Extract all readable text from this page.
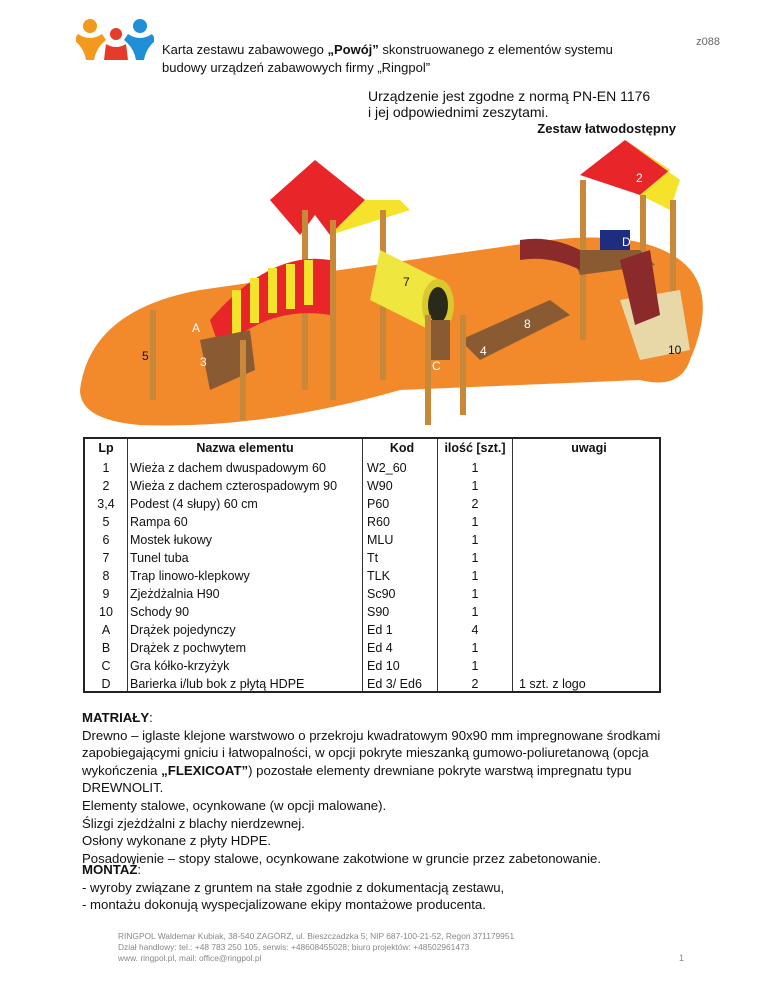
z088
Karta zestawu zabawowego „Powój” skonstruowanego z elementów systemu
budowy urządzeń zabawowych firmy „Ringpol”
Urządzenie jest zgodne z normą PN-EN 1176
i jej odpowiednimi zeszytami.
Zestaw łatwodostępny
1	2
3
4
5
6
7
8
9
10
A
B
C
D
Lp	Nazwa elementu	Kod	ilość [szt.]	uwagi
1	Wieża z dachem dwuspadowym 60	W2_60	1	
2	Wieża z dachem czterospadowym 90	W90	1	
3,4	Podest (4 słupy) 60 cm	P60	2	
5	Rampa 60	R60	1	
6	Mostek łukowy	MLU	1	
7	Tunel tuba	Tt	1	
8	Trap linowo-klepkowy	TLK	1	
9	Zjeżdżalnia H90	Sc90	1	
10	Schody 90	S90	1	
A	Drążek pojedynczy	Ed 1	4	
B	Drążek z pochwytem	Ed 4	1	
C	Gra kółko-krzyżyk	Ed 10	1	
D	Barierka i/lub bok z płytą HDPE	Ed 3/ Ed6	2	1 szt. z logo

MATRIAŁY:

Drewno – iglaste klejone warstwowo o przekroju kwadratowym 90x90 mm impregnowane środkami zapobiegającymi gniciu i łatwopalności, w opcji pokryte mieszanką gumowo-poliuretanową (opcja wykończenia „FLEXICOAT”) pozostałe elementy drewniane pokryte warstwą impregnatu typu DREWNOLIT.

Elementy stalowe, ocynkowane (w opcji malowane).

Ślizgi zjeżdżalni z blachy nierdzewnej.

Osłony wykonane z płyty HDPE.

Posadowienie – stopy stalowe, ocynkowane zakotwione w gruncie przez zabetonowanie.

MONTAŻ:

- wyroby związane z gruntem na stałe zgodnie z dokumentacją zestawu,

- montażu dokonują wyspecjalizowane ekipy montażowe producenta.

RINGPOL Waldemar Kubiak, 38-540 ZAGÓRZ, ul. Bieszczadzka 5; NIP 687-100-21-52, Regon 371179951
Dział handlowy: tel.: +48 783 250 105, serwis: +48608455028; biuro projektów: +48502961473
www. ringpol.pl, mail: office@ringpol.pl	1
